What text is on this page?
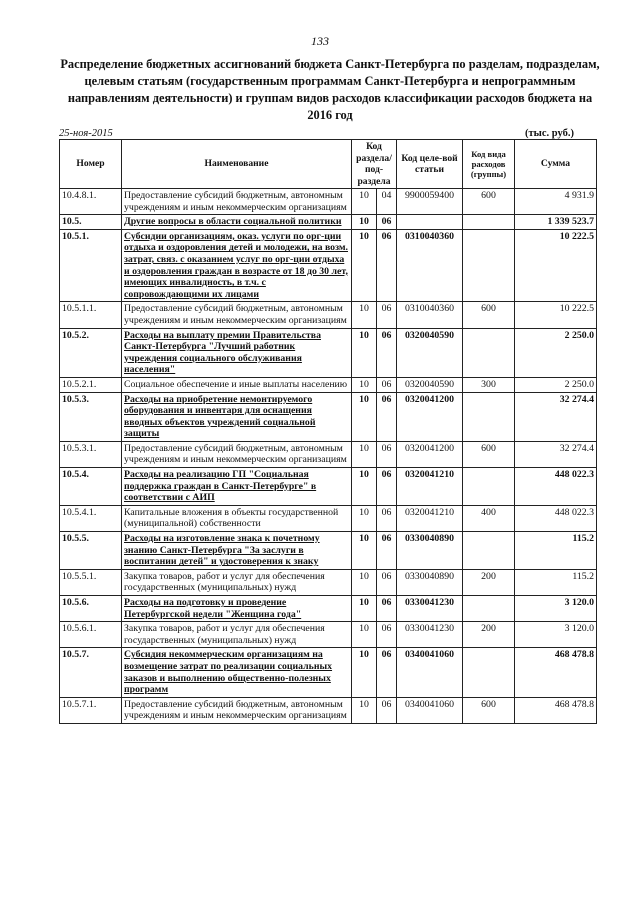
133
Распределение бюджетных ассигнований бюджета Санкт-Петербурга по разделам, подразделам, целевым статьям (государственным программам Санкт-Петербурга и непрограммным направлениям деятельности) и группам видов расходов классификации расходов бюджета на 2016 год
25-ноя-2015	(тыс. руб.)
Номер	Наименование	Код раздела/ под-раздела		Код целе-вой статьи	Код вида расходов (группы)	Сумма
10.4.8.1.	Предоставление субсидий бюджетным, автономным учреждениям и иным некоммерческим организациям	10	04	9900059400	600	4 931.9
10.5.	Другие вопросы в области социальной политики	10	06			1 339 523.7
10.5.1.	Субсидии организациям, оказ. услуги по орг-ции отдыха и оздоровления детей и молодежи, на возм. затрат, связ. с оказанием услуг по орг-ции отдыха и оздоровления граждан в возрасте от 18 до 30 лет, имеющих инвалидность, в т.ч. с сопровождающими их лицами	10	06	0310040360		10 222.5
10.5.1.1.	Предоставление субсидий бюджетным, автономным учреждениям и иным некоммерческим организациям	10	06	0310040360	600	10 222.5
10.5.2.	Расходы на выплату премии Правительства Санкт-Петербурга "Лучший работник учреждения социального обслуживания населения"	10	06	0320040590		2 250.0
10.5.2.1.	Социальное обеспечение и иные выплаты населению	10	06	0320040590	300	2 250.0
10.5.3.	Расходы на приобретение немонтируемого оборудования и инвентаря для оснащения вводных объектов учреждений социальной защиты	10	06	0320041200		32 274.4
10.5.3.1.	Предоставление субсидий бюджетным, автономным учреждениям и иным некоммерческим организациям	10	06	0320041200	600	32 274.4
10.5.4.	Расходы на реализацию ГП "Социальная поддержка граждан в Санкт-Петербурге" в соответствии с АИП	10	06	0320041210		448 022.3
10.5.4.1.	Капитальные вложения в объекты государственной (муниципальной) собственности	10	06	0320041210	400	448 022.3
10.5.5.	Расходы на изготовление знака к почетному знанию Санкт-Петербурга "За заслуги в воспитании детей" и удостоверения к знаку	10	06	0330040890		115.2
10.5.5.1.	Закупка товаров, работ и услуг для обеспечения государственных (муниципальных) нужд	10	06	0330040890	200	115.2
10.5.6.	Расходы на подготовку и проведение Петербургской недели "Женщина года"	10	06	0330041230		3 120.0
10.5.6.1.	Закупка товаров, работ и услуг для обеспечения государственных (муниципальных) нужд	10	06	0330041230	200	3 120.0
10.5.7.	Субсидия некоммерческим организациям на возмещение затрат по реализации социальных заказов и выполнению общественно-полезных программ	10	06	0340041060		468 478.8
10.5.7.1.	Предоставление субсидий бюджетным, автономным учреждениям и иным некоммерческим организациям	10	06	0340041060	600	468 478.8
